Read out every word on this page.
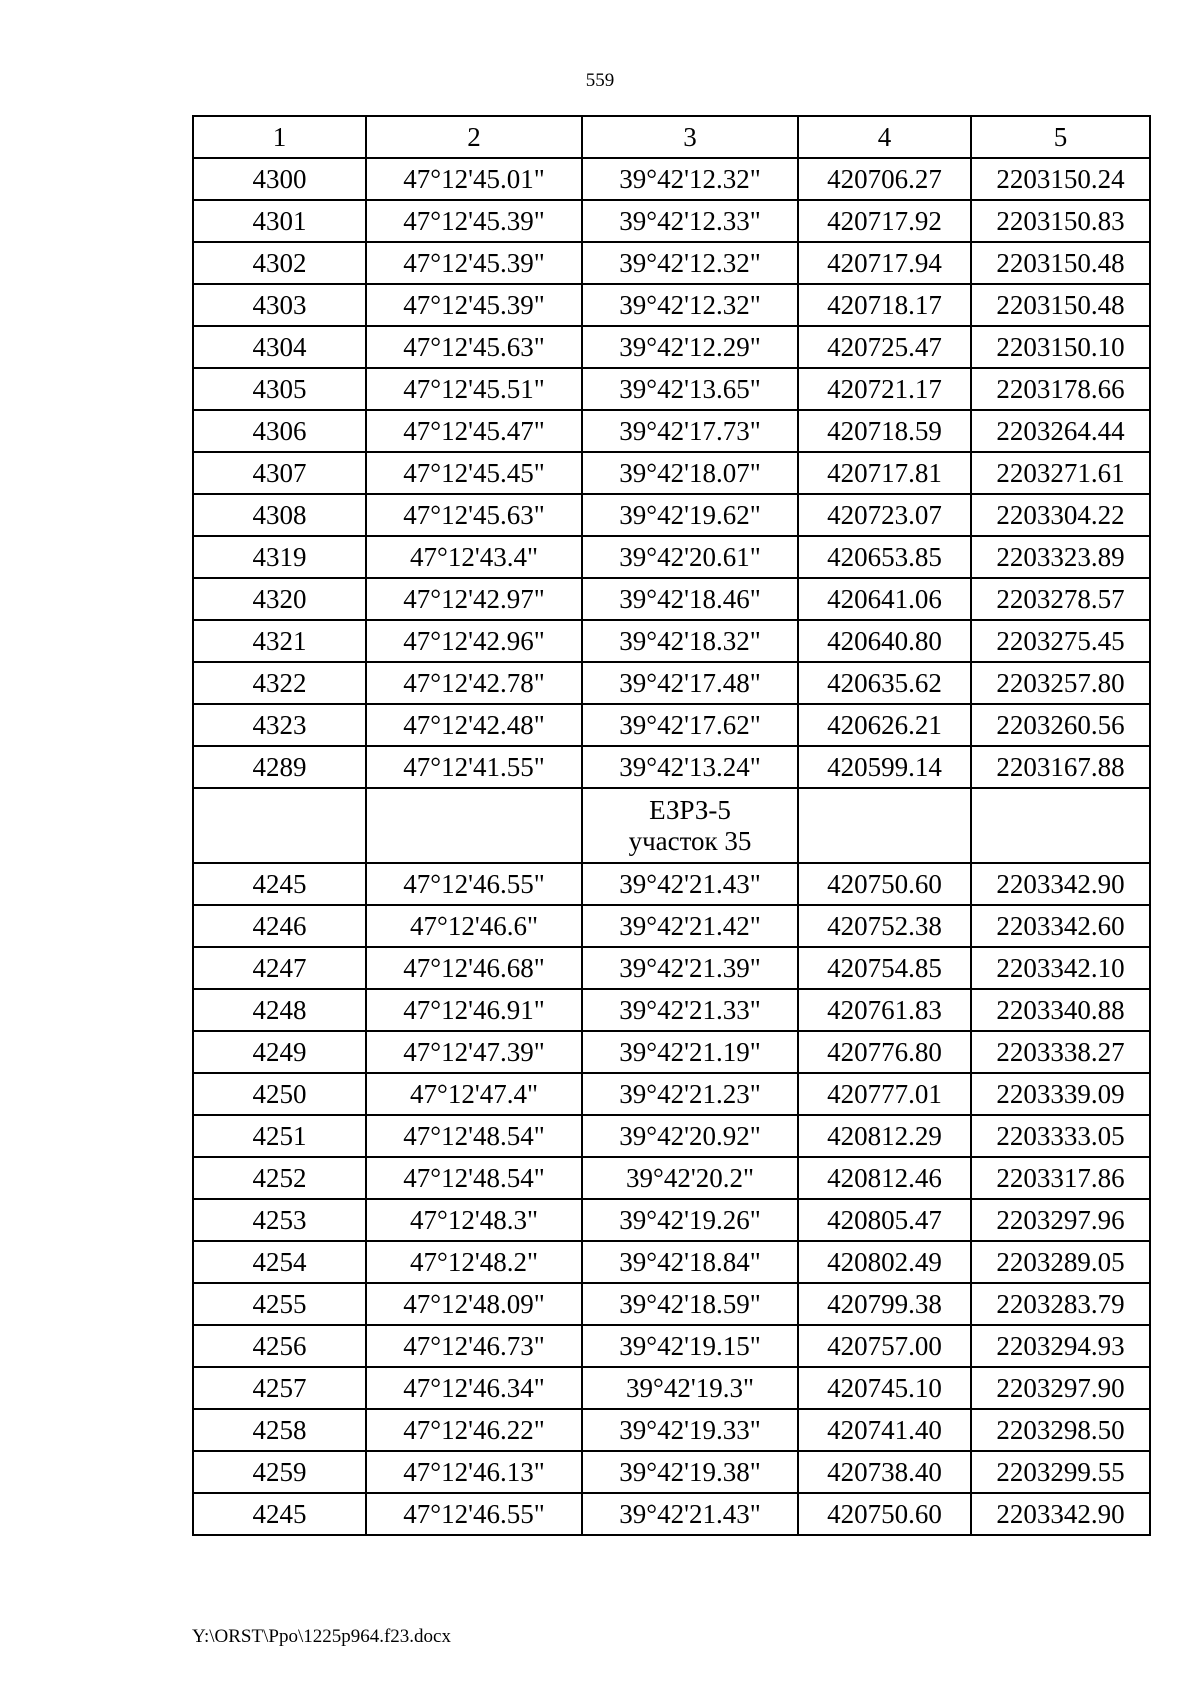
559
1	2	3	4	5
4300	47°12'45.01"	39°42'12.32"	420706.27	2203150.24
4301	47°12'45.39"	39°42'12.33"	420717.92	2203150.83
4302	47°12'45.39"	39°42'12.32"	420717.94	2203150.48
4303	47°12'45.39"	39°42'12.32"	420718.17	2203150.48
4304	47°12'45.63"	39°42'12.29"	420725.47	2203150.10
4305	47°12'45.51"	39°42'13.65"	420721.17	2203178.66
4306	47°12'45.47"	39°42'17.73"	420718.59	2203264.44
4307	47°12'45.45"	39°42'18.07"	420717.81	2203271.61
4308	47°12'45.63"	39°42'19.62"	420723.07	2203304.22
4319	47°12'43.4"	39°42'20.61"	420653.85	2203323.89
4320	47°12'42.97"	39°42'18.46"	420641.06	2203278.57
4321	47°12'42.96"	39°42'18.32"	420640.80	2203275.45
4322	47°12'42.78"	39°42'17.48"	420635.62	2203257.80
4323	47°12'42.48"	39°42'17.62"	420626.21	2203260.56
4289	47°12'41.55"	39°42'13.24"	420599.14	2203167.88

		ЕЗРЗ-5
участок 35		

4245	47°12'46.55"	39°42'21.43"	420750.60	2203342.90
4246	47°12'46.6"	39°42'21.42"	420752.38	2203342.60
4247	47°12'46.68"	39°42'21.39"	420754.85	2203342.10
4248	47°12'46.91"	39°42'21.33"	420761.83	2203340.88
4249	47°12'47.39"	39°42'21.19"	420776.80	2203338.27
4250	47°12'47.4"	39°42'21.23"	420777.01	2203339.09
4251	47°12'48.54"	39°42'20.92"	420812.29	2203333.05
4252	47°12'48.54"	39°42'20.2"	420812.46	2203317.86
4253	47°12'48.3"	39°42'19.26"	420805.47	2203297.96
4254	47°12'48.2"	39°42'18.84"	420802.49	2203289.05
4255	47°12'48.09"	39°42'18.59"	420799.38	2203283.79
4256	47°12'46.73"	39°42'19.15"	420757.00	2203294.93
4257	47°12'46.34"	39°42'19.3"	420745.10	2203297.90
4258	47°12'46.22"	39°42'19.33"	420741.40	2203298.50
4259	47°12'46.13"	39°42'19.38"	420738.40	2203299.55
4245	47°12'46.55"	39°42'21.43"	420750.60	2203342.90
Y:\ORST\Ppo\1225p964.f23.docx
